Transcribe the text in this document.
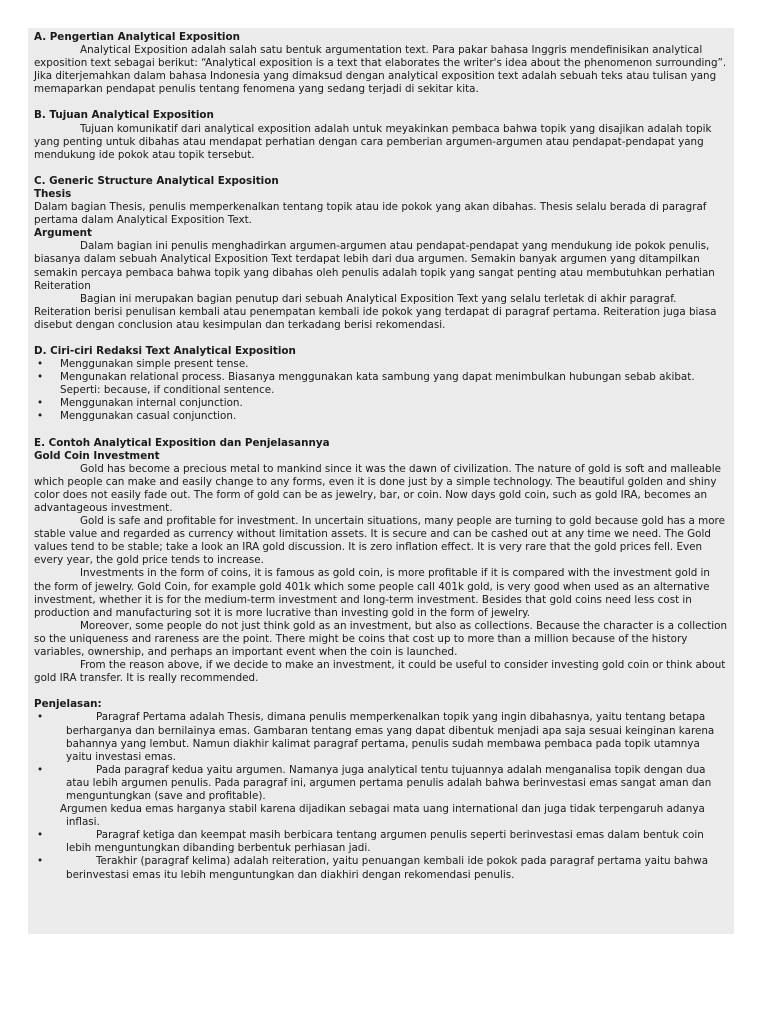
A. Pengertian Analytical Exposition

Analytical Exposition adalah salah satu bentuk argumentation text. Para pakar bahasa Inggris mendefinisikan analytical exposition text sebagai berikut: “Analytical exposition is a text that elaborates the writer's idea about the phenomenon surrounding”. Jika diterjemahkan dalam bahasa Indonesia yang dimaksud dengan analytical exposition text adalah sebuah teks atau tulisan yang memaparkan pendapat penulis tentang fenomena yang sedang terjadi di sekitar kita.

B. Tujuan Analytical Exposition

Tujuan komunikatif dari analytical exposition adalah untuk meyakinkan pembaca bahwa topik yang disajikan adalah topik yang penting untuk dibahas atau mendapat perhatian dengan cara pemberian argumen-argumen atau pendapat-pendapat yang mendukung ide pokok atau topik tersebut.

C. Generic Structure Analytical Exposition

Thesis

Dalam bagian Thesis, penulis memperkenalkan tentang topik atau ide pokok yang akan dibahas. Thesis selalu berada di paragraf pertama dalam Analytical Exposition Text.

Argument

Dalam bagian ini penulis menghadirkan argumen-argumen atau pendapat-pendapat yang mendukung ide pokok penulis, biasanya dalam sebuah Analytical Exposition Text terdapat lebih dari dua argumen. Semakin banyak argumen yang ditampilkan semakin percaya pembaca bahwa topik yang dibahas oleh penulis adalah topik yang sangat penting atau membutuhkan perhatian

Reiteration

Bagian ini merupakan bagian penutup dari sebuah Analytical Exposition Text yang selalu terletak di akhir paragraf. Reiteration berisi penulisan kembali atau penempatan kembali ide pokok yang terdapat di paragraf pertama. Reiteration juga biasa disebut dengan conclusion atau kesimpulan dan terkadang berisi rekomendasi.

D. Ciri-ciri Redaksi Text Analytical Exposition

• Menggunakan simple present tense.
• Mengunakan relational process. Biasanya menggunakan kata sambung yang dapat menimbulkan hubungan sebab akibat. Seperti: because, if conditional sentence.
• Menggunakan internal conjunction.
• Menggunakan casual conjunction.

E. Contoh Analytical Exposition dan Penjelasannya

Gold Coin Investment

Gold has become a precious metal to mankind since it was the dawn of civilization. The nature of gold is soft and malleable which people can make and easily change to any forms, even it is done just by a simple technology. The beautiful golden and shiny color does not easily fade out. The form of gold can be as jewelry, bar, or coin. Now days gold coin, such as gold IRA, becomes an advantageous investment.

Gold is safe and profitable for investment. In uncertain situations, many people are turning to gold because gold has a more stable value and regarded as currency without limitation assets. It is secure and can be cashed out at any time we need. The Gold values tend to be stable; take a look an IRA gold discussion. It is zero inflation effect. It is very rare that the gold prices fell. Even every year, the gold price tends to increase.

Investments in the form of coins, it is famous as gold coin, is more profitable if it is compared with the investment gold in the form of jewelry. Gold Coin, for example gold 401k which some people call 401k gold, is very good when used as an alternative investment, whether it is for the medium-term investment and long-term investment. Besides that gold coins need less cost in production and manufacturing sot it is more lucrative than investing gold in the form of jewelry.

Moreover, some people do not just think gold as an investment, but also as collections. Because the character is a collection so the uniqueness and rareness are the point. There might be coins that cost up to more than a million because of the history variables, ownership, and perhaps an important event when the coin is launched.

From the reason above, if we decide to make an investment, it could be useful to consider investing gold coin or think about gold IRA transfer. It is really recommended.

Penjelasan:

• Paragraf Pertama adalah Thesis, dimana penulis memperkenalkan topik yang ingin dibahasnya, yaitu tentang betapa berharganya dan bernilainya emas. Gambaran tentang emas yang dapat dibentuk menjadi apa saja sesuai keinginan karena bahannya yang lembut. Namun diakhir kalimat paragraf pertama, penulis sudah membawa pembaca pada topik utamnya yaitu investasi emas.
• Pada paragraf kedua yaitu argumen. Namanya juga analytical tentu tujuannya adalah menganalisa topik dengan dua atau lebih argumen penulis. Pada paragraf ini, argumen pertama penulis adalah bahwa berinvestasi emas sangat aman dan menguntungkan (save and profitable).

Argumen kedua emas harganya stabil karena dijadikan sebagai mata uang international dan juga tidak terpengaruh adanya inflasi.

• Paragraf ketiga dan keempat masih berbicara tentang argumen penulis seperti berinvestasi emas dalam bentuk coin lebih menguntungkan dibanding berbentuk perhiasan jadi.
• Terakhir (paragraf kelima) adalah reiteration, yaitu penuangan kembali ide pokok pada paragraf pertama yaitu bahwa berinvestasi emas itu lebih menguntungkan dan diakhiri dengan rekomendasi penulis.
